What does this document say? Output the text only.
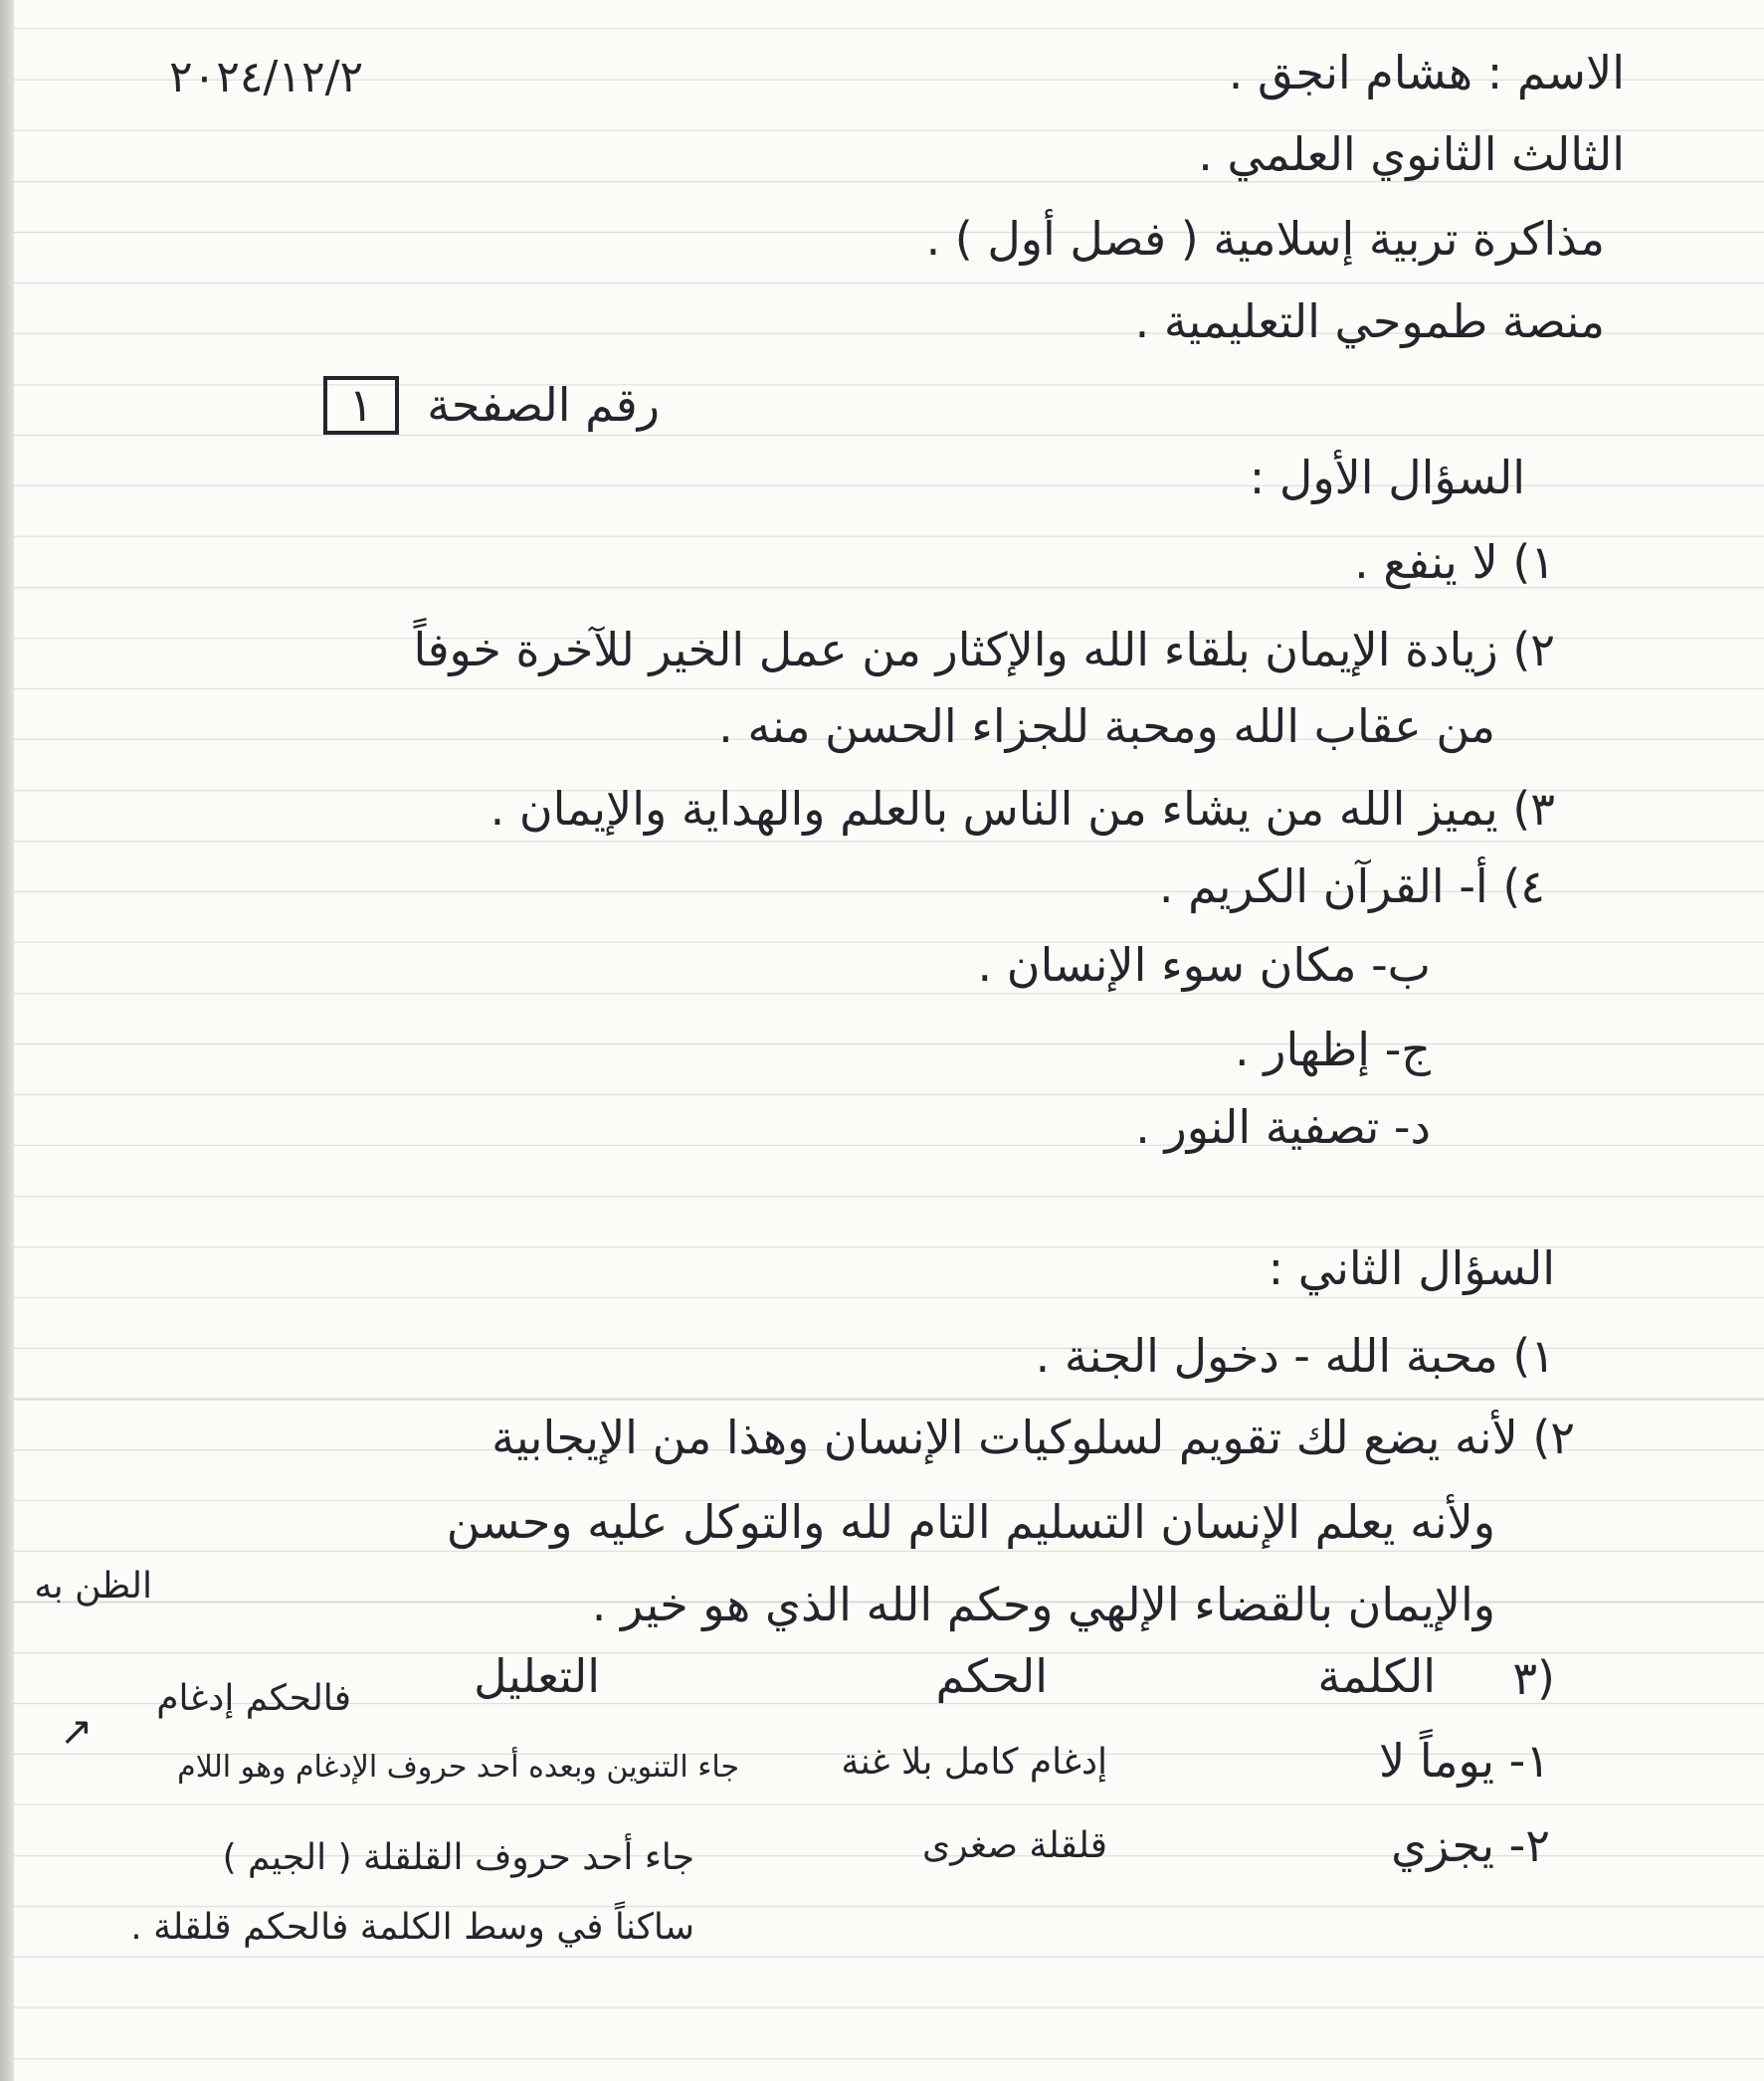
الاسم : هشام انجق .
٢٠٢٤/١٢/٢
الثالث الثانوي العلمي .
مذاكرة تربية إسلامية ( فصل أول ) .
منصة طموحي التعليمية .
رقم الصفحة١
السؤال الأول :
١) لا ينفع .
٢) زيادة الإيمان بلقاء الله والإكثار من عمل الخير للآخرة خوفاً
من عقاب الله ومحبة للجزاء الحسن منه .
٣) يميز الله من يشاء من الناس بالعلم والهداية والإيمان .
٤) أ- القرآن الكريم .
ب- مكان سوء الإنسان .
ج- إظهار .
د- تصفية النور .
السؤال الثاني :
١) محبة الله - دخول الجنة .
٢) لأنه يضع لك تقويم لسلوكيات الإنسان وهذا من الإيجابية
ولأنه يعلم الإنسان التسليم التام لله والتوكل عليه وحسن
الظن به	والإيمان بالقضاء الإلهي وحكم الله الذي هو خير .
٣)
الكلمة
الحكم
التعليل
فالحكم إدغام
↗
١- يوماً لا
إدغام كامل بلا غنة
جاء التنوين وبعده أحد حروف الإدغام وهو اللام
٢- يجزي
قلقلة صغرى
جاء أحد حروف القلقلة ( الجيم )
ساكناً في وسط الكلمة فالحكم قلقلة .
